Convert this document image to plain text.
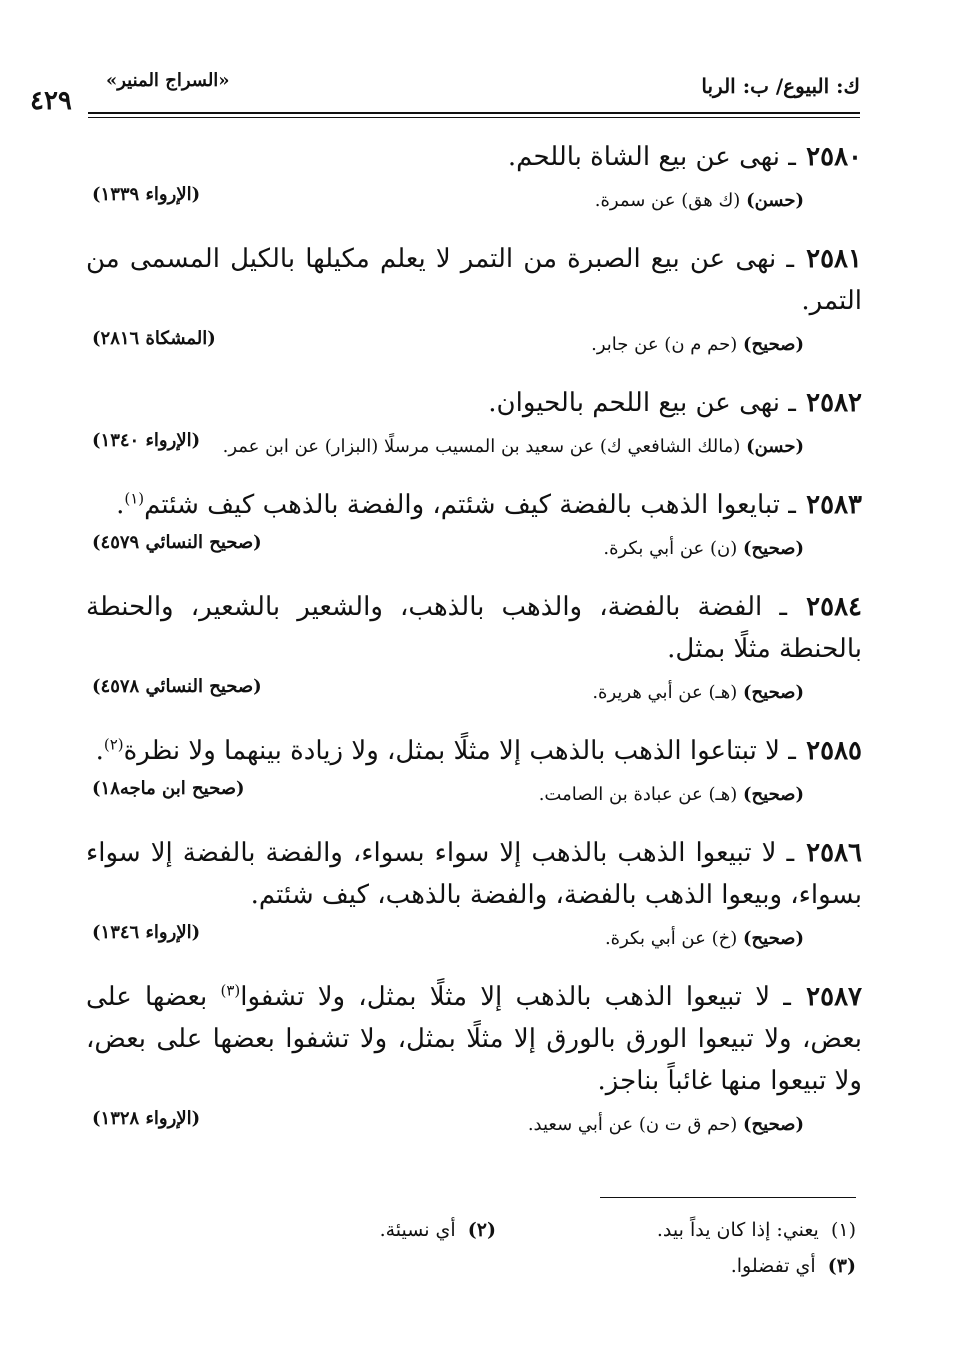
ك: البيوع/ ب: الربا
«السراج المنير»
٤٢٩
٢٥٨٠ ـ نهى عن بيع الشاة باللحم.
(حسن) (ك هق) عن سمرة.
(الإرواء ١٣٣٩)
٢٥٨١ ـ نهى عن بيع الصبرة من التمر لا يعلم مكيلها بالكيل المسمى من التمر.
(صحيح) (حم م ن) عن جابر.
(المشكاة ٢٨١٦)
٢٥٨٢ ـ نهى عن بيع اللحم بالحيوان.
(حسن) (مالك الشافعي ك) عن سعيد بن المسيب مرسلًا (البزار) عن ابن عمر.
(الإرواء ١٣٤٠)
٢٥٨٣ ـ تبايعوا الذهب بالفضة كيف شئتم، والفضة بالذهب كيف شئتم$^{(١)}$.
(صحيح) (ن) عن أبي بكرة.
(صحيح النسائي ٤٥٧٩)
٢٥٨٤ ـ الفضة بالفضة، والذهب بالذهب، والشعير بالشعير، والحنطة بالحنطة مثلًا بمثل.
(صحيح) (هـ) عن أبي هريرة.
(صحيح النسائي ٤٥٧٨)
٢٥٨٥ ـ لا تبتاعوا الذهب بالذهب إلا مثلًا بمثل، ولا زيادة بينهما ولا نظرة$^{(٢)}$.
(صحيح) (هـ) عن عبادة بن الصامت.
(صحيح ابن ماجه١٨)
٢٥٨٦ ـ لا تبيعوا الذهب بالذهب إلا سواء بسواء، والفضة بالفضة إلا سواء بسواء، وبيعوا الذهب بالفضة، والفضة بالذهب، كيف شئتم.
(صحيح) (خ) عن أبي بكرة.
(الإرواء ١٣٤٦)
٢٥٨٧ ـ لا تبيعوا الذهب بالذهب إلا مثلًا بمثل، ولا تشفوا$^{(٣)}$ بعضها على بعض، ولا تبيعوا الورق بالورق إلا مثلًا بمثل، ولا تشفوا بعضها على بعض، ولا تبيعوا منها غائباً بناجز.
(صحيح) (حم ق ت ن) عن أبي سعيد.
(الإرواء ١٣٢٨)
(١)  يعني: إذا كان يداً بيد.
(٢)  أي نسيئة.
(٣)  أي تفضلوا.
